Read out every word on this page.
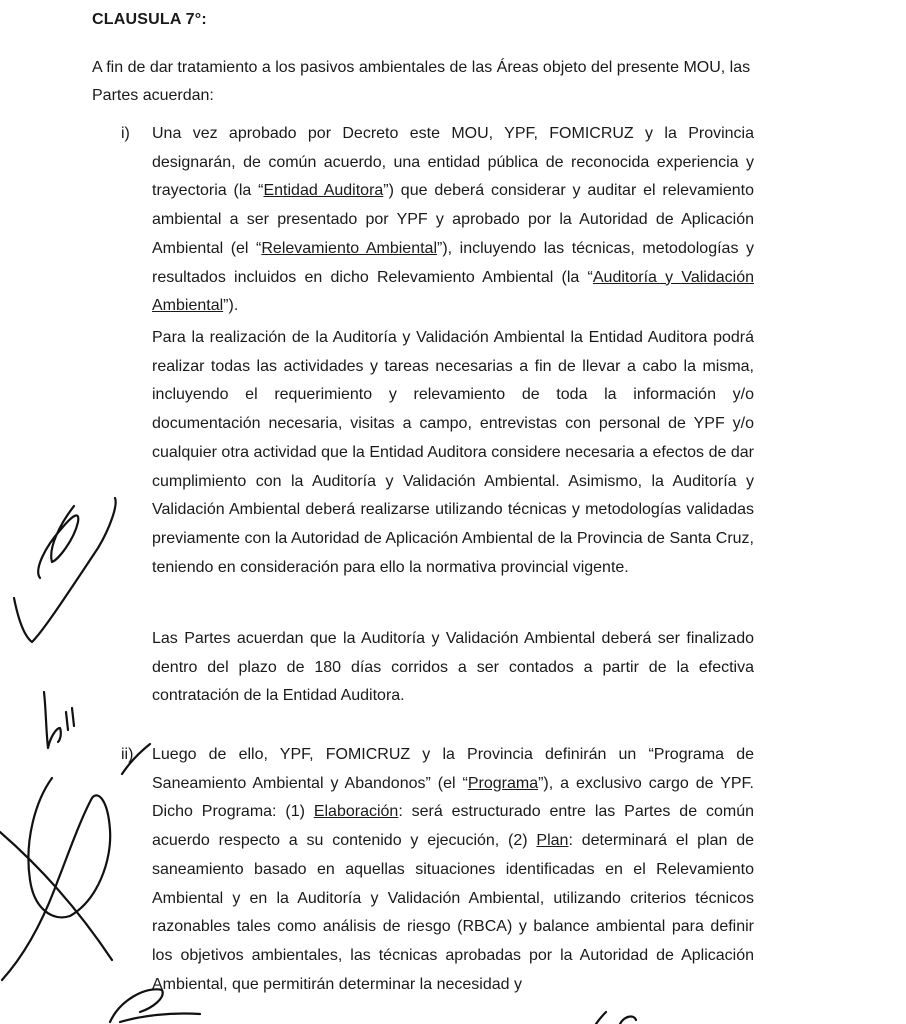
CLAUSULA 7°:
A fin de dar tratamiento a los pasivos ambientales de las Áreas objeto del presente MOU, las Partes acuerdan:
i) Una vez aprobado por Decreto este MOU, YPF, FOMICRUZ y la Provincia designarán, de común acuerdo, una entidad pública de reconocida experiencia y trayectoria (la “Entidad Auditora”) que deberá considerar y auditar el relevamiento ambiental a ser presentado por YPF y aprobado por la Autoridad de Aplicación Ambiental (el “Relevamiento Ambiental”), incluyendo las técnicas, metodologías y resultados incluidos en dicho Relevamiento Ambiental (la “Auditoría y Validación Ambiental”).
Para la realización de la Auditoría y Validación Ambiental la Entidad Auditora podrá realizar todas las actividades y tareas necesarias a fin de llevar a cabo la misma, incluyendo el requerimiento y relevamiento de toda la información y/o documentación necesaria, visitas a campo, entrevistas con personal de YPF y/o cualquier otra actividad que la Entidad Auditora considere necesaria a efectos de dar cumplimiento con la Auditoría y Validación Ambiental. Asimismo, la Auditoría y Validación Ambiental deberá realizarse utilizando técnicas y metodologías validadas previamente con la Autoridad de Aplicación Ambiental de la Provincia de Santa Cruz, teniendo en consideración para ello la normativa provincial vigente.
Las Partes acuerdan que la Auditoría y Validación Ambiental deberá ser finalizado dentro del plazo de 180 días corridos a ser contados a partir de la efectiva contratación de la Entidad Auditora.
ii) Luego de ello, YPF, FOMICRUZ y la Provincia definirán un “Programa de Saneamiento Ambiental y Abandonos” (el “Programa”), a exclusivo cargo de YPF. Dicho Programa: (1) Elaboración: será estructurado entre las Partes de común acuerdo respecto a su contenido y ejecución, (2) Plan: determinará el plan de saneamiento basado en aquellas situaciones identificadas en el Relevamiento Ambiental y en la Auditoría y Validación Ambiental, utilizando criterios técnicos razonables tales como análisis de riesgo (RBCA) y balance ambiental para definir los objetivos ambientales, las técnicas aprobadas por la Autoridad de Aplicación Ambiental, que permitirán determinar la necesidad y
